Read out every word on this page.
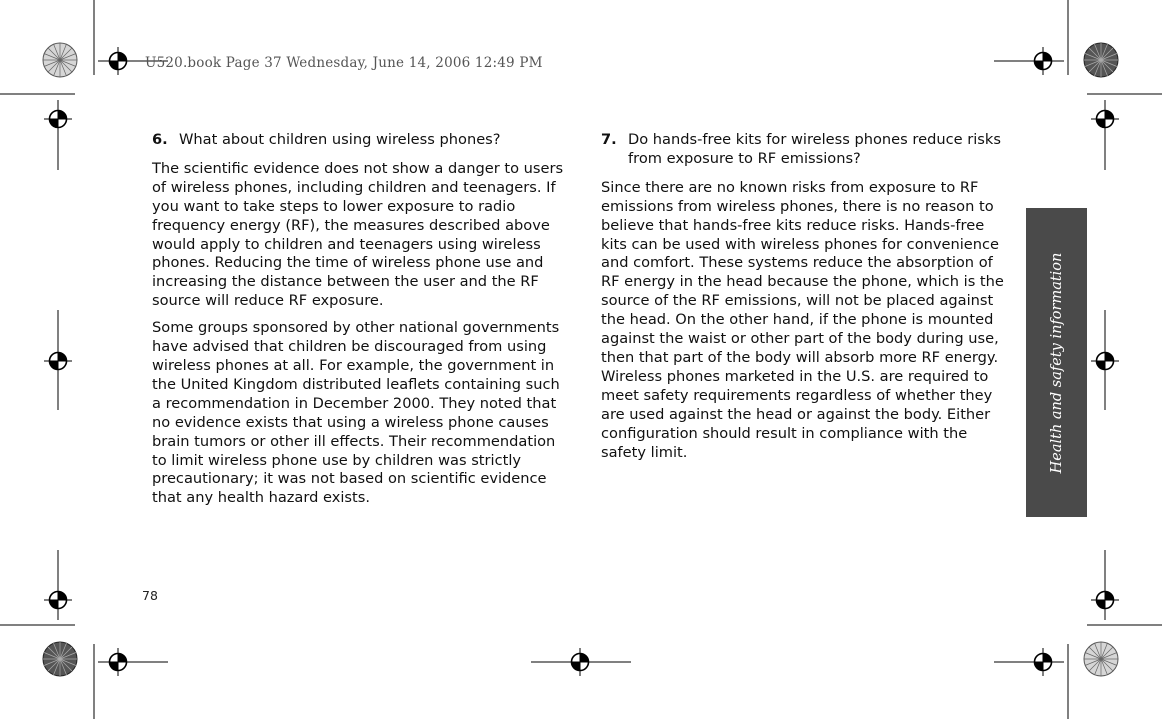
U520.book Page 37 Wednesday, June 14, 2006 12:49 PM
6. What about children using wireless phones?

The scientific evidence does not show a danger to users of wireless phones, including children and teenagers. If you want to take steps to lower exposure to radio frequency energy (RF), the measures described above would apply to children and teenagers using wireless phones. Reducing the time of wireless phone use and increasing the distance between the user and the RF source will reduce RF exposure.

Some groups sponsored by other national governments have advised that children be discouraged from using wireless phones at all. For example, the government in the United Kingdom distributed leaflets containing such a recommendation in December 2000. They noted that no evidence exists that using a wireless phone causes brain tumors or other ill effects. Their recommendation to limit wireless phone use by children was strictly precautionary; it was not based on scientific evidence that any health hazard exists.

7. Do hands-free kits for wireless phones reduce risks from exposure to RF emissions?

Since there are no known risks from exposure to RF emissions from wireless phones, there is no reason to believe that hands-free kits reduce risks. Hands-free kits can be used with wireless phones for convenience and comfort. These systems reduce the absorption of RF energy in the head because the phone, which is the source of the RF emissions, will not be placed against the head. On the other hand, if the phone is mounted against the waist or other part of the body during use, then that part of the body will absorb more RF energy. Wireless phones marketed in the U.S. are required to meet safety requirements regardless of whether they are used against the head or against the body. Either configuration should result in compliance with the safety limit.	Health and safety information
78
